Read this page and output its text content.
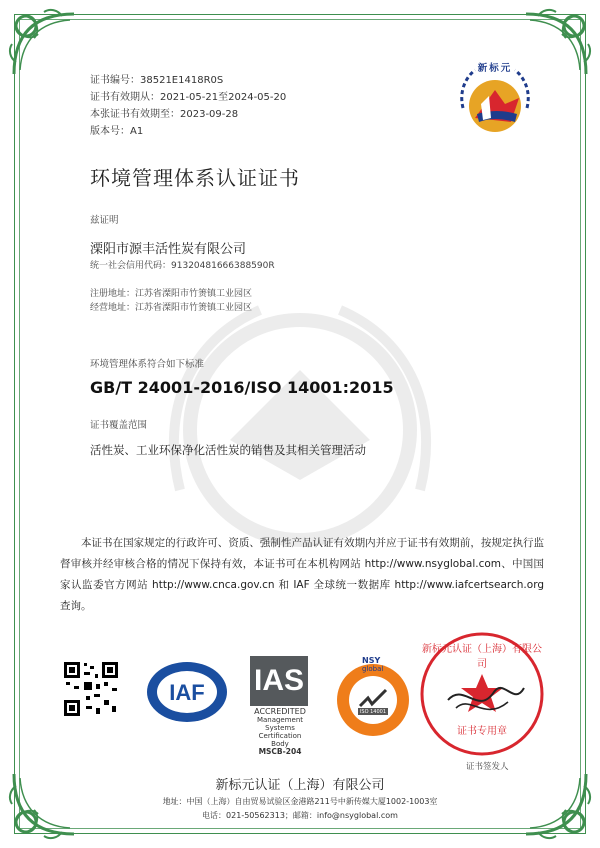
证书编号：38521E1418R0S
证书有效期从：2021-05-21至2024-05-20
本张证书有效期至：2023-09-28
版本号：A1
新标元
环境管理体系认证证书
兹证明
溧阳市源丰活性炭有限公司
统一社会信用代码：91320481666388590R
注册地址：江苏省溧阳市竹箦镇工业园区
经营地址：江苏省溧阳市竹箦镇工业园区
环境管理体系符合如下标准
GB/T 24001-2016/ISO 14001:2015
证书覆盖范围
活性炭、工业环保净化活性炭的销售及其相关管理活动
本证书在国家规定的行政许可、资质、强制性产品认证有效期内并应于证书有效期前，按规定执行监督审核并经审核合格的情况下保持有效，本证书可在本机构网站 http://www.nsyglobal.com、中国国家认监委官方网站 http://www.cnca.gov.cn 和 IAF 全球统一数据库 http://www.iafcertsearch.org 查询。
IAF IAS
ACCREDITED
Management Systems
Certification Body
MSCB-204
NSY
global
ISO 14001
新标元认证（上海）有限公司
证书专用章
证书签发人
新标元认证（上海）有限公司
地址：中国（上海）自由贸易试验区金港路211号中新传媒大厦1002-1003室
电话：021-50562313；邮箱：info@nsyglobal.com
